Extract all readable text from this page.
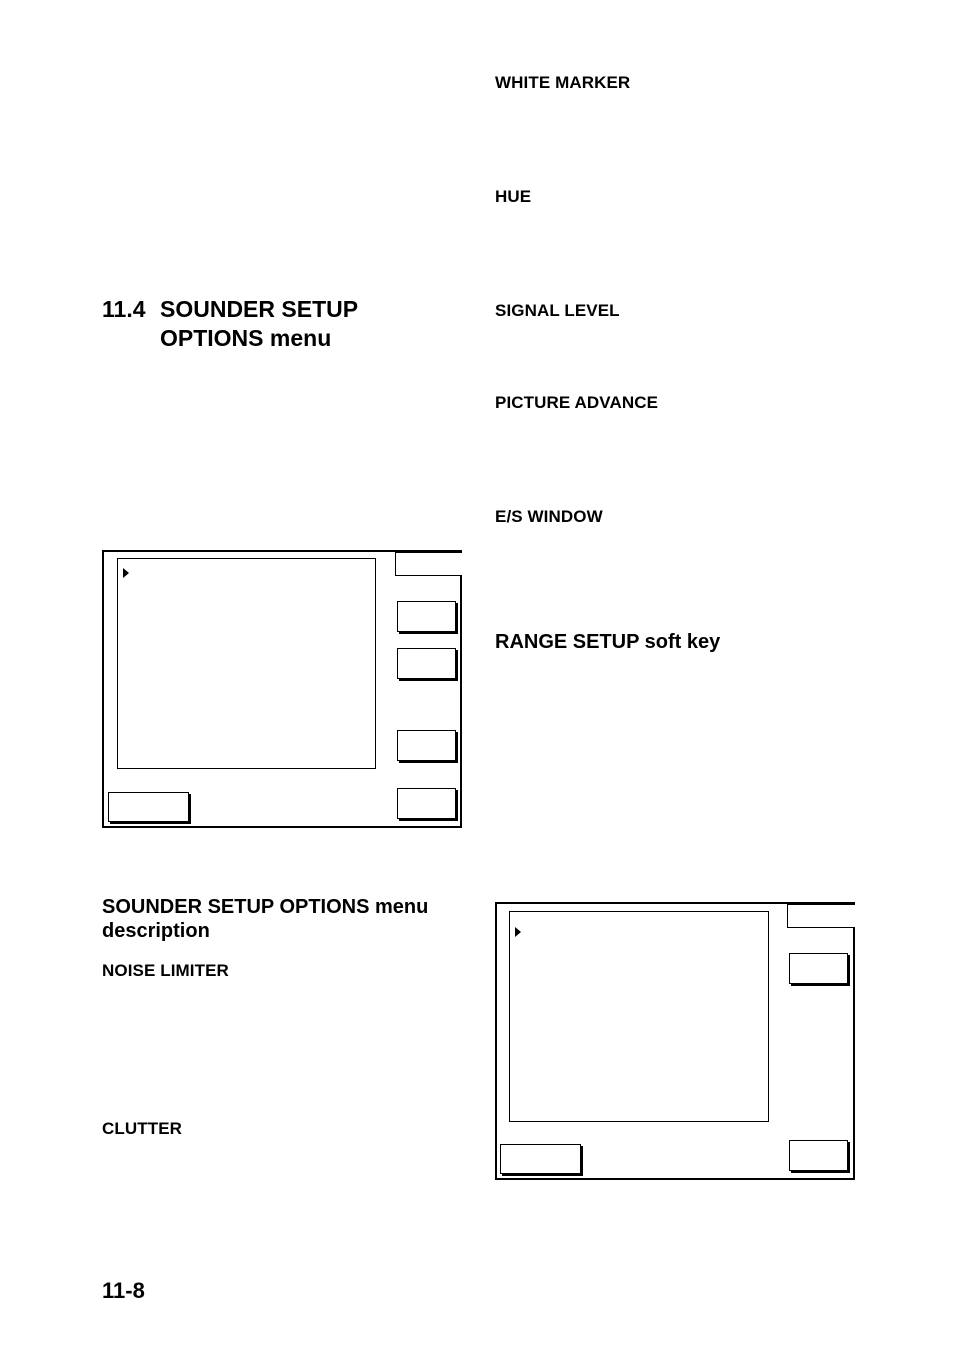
WHITE MARKER
HUE
SIGNAL LEVEL
PICTURE ADVANCE
E/S WINDOW
RANGE SETUP soft key
11.4 SOUNDER SETUP
OPTIONS menu
SOUNDER SETUP OPTIONS menu description
NOISE LIMITER
CLUTTER
11-8
